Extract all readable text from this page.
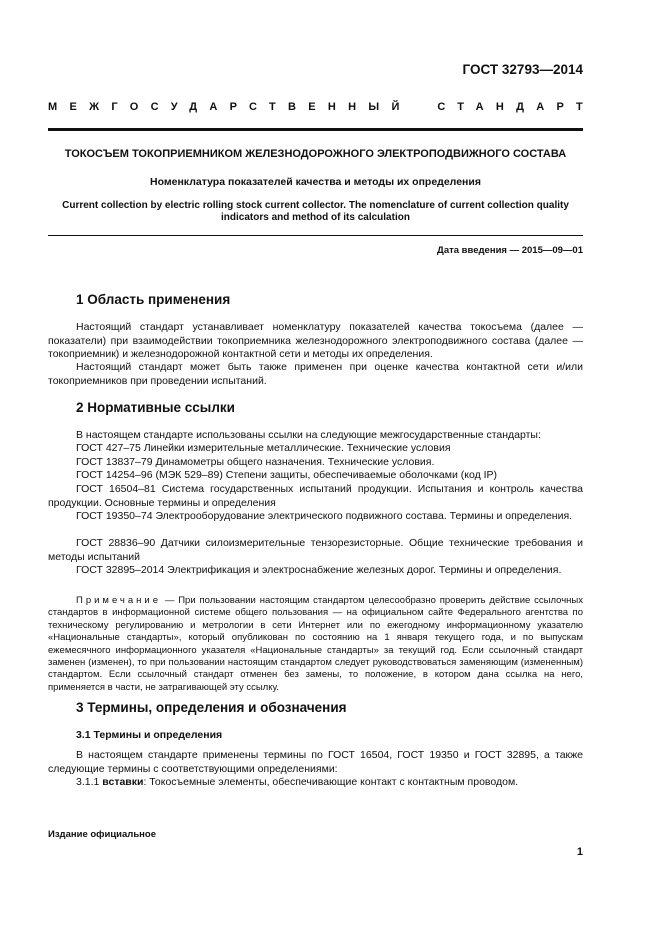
ГОСТ 32793—2014
МЕЖГОСУДАРСТВЕННЫЙ СТАНДАРТ
ТОКОСЪЕМ ТОКОПРИЕМНИКОМ ЖЕЛЕЗНОДОРОЖНОГО ЭЛЕКТРОПОДВИЖНОГО СОСТАВА
Номенклатура показателей качества и методы их определения
Current collection by electric rolling stock current collector. The nomenclature of current collection quality
indicators and method of its calculation
Дата введения — 2015—09—01
1 Область применения

Настоящий стандарт устанавливает номенклатуру показателей качества токосъема (далее — показатели) при взаимодействии токоприемника железнодорожного электроподвижного состава (далее — токоприемник) и железнодорожной контактной сети и методы их определения.

Настоящий стандарт может быть также применен при оценке качества контактной сети и/или токоприемников при проведении испытаний.

2 Нормативные ссылки

В настоящем стандарте использованы ссылки на следующие межгосударственные стандарты:

ГОСТ 427–75 Линейки измерительные металлические. Технические условия

ГОСТ 13837–79 Динамометры общего назначения. Технические условия.

ГОСТ 14254–96 (МЭК 529–89) Степени защиты, обеспечиваемые оболочками (код IP)

ГОСТ 16504–81 Система государственных испытаний продукции. Испытания и контроль качества продукции. Основные термины и определения

ГОСТ 19350–74 Электрооборудование электрического подвижного состава. Термины и определения.

ГОСТ 28836–90 Датчики силоизмерительные тензорезисторные. Общие технические требования и методы испытаний

ГОСТ 32895–2014 Электрификация и электроснабжение железных дорог. Термины и определения.

Примечание — При пользовании настоящим стандартом целесообразно проверить действие ссылочных стандартов в информационной системе общего пользования — на официальном сайте Федерального агентства по техническому регулированию и метрологии в сети Интернет или по ежегодному информационному указателю «Национальные стандарты», который опубликован по состоянию на 1 января текущего года, и по выпускам ежемесячного информационного указателя «Национальные стандарты» за текущий год. Если ссылочный стандарт заменен (изменен), то при пользовании настоящим стандартом следует руководствоваться заменяющим (измененным) стандартом. Если ссылочный стандарт отменен без замены, то положение, в котором дана ссылка на него, применяется в части, не затрагивающей эту ссылку.

3 Термины, определения и обозначения
3.1 Термины и определения

В настоящем стандарте применены термины по ГОСТ 16504, ГОСТ 19350 и ГОСТ 32895, а также следующие термины с соответствующими определениями:

3.1.1 вставки: Токосъемные элементы, обеспечивающие контакт с контактным проводом.

Издание официальное
1
